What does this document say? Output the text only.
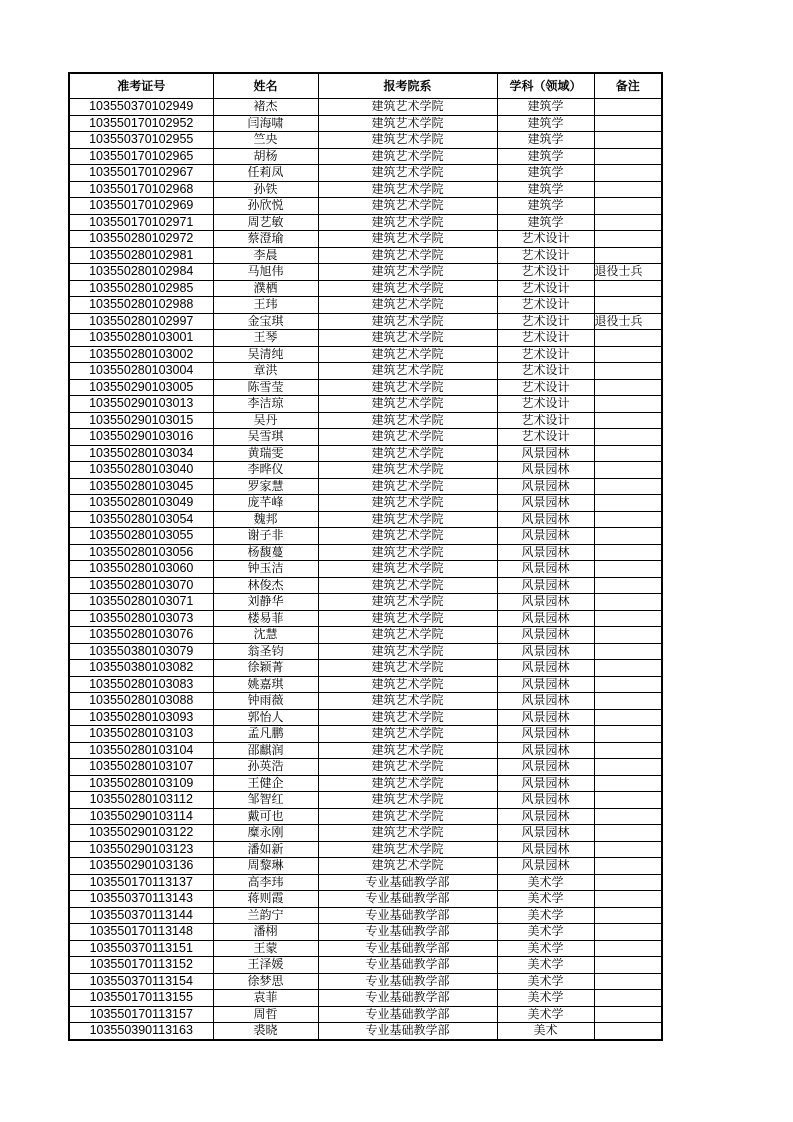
准考证号	姓名	报考院系	学科（领域）	备注
103550370102949	褚杰	建筑艺术学院	建筑学	
103550170102952	闫海啸	建筑艺术学院	建筑学	
103550370102955	竺央	建筑艺术学院	建筑学	
103550170102965	胡杨	建筑艺术学院	建筑学	
103550170102967	任莉凤	建筑艺术学院	建筑学	
103550170102968	孙铁	建筑艺术学院	建筑学	
103550170102969	孙欣悦	建筑艺术学院	建筑学	
103550170102971	周艺敏	建筑艺术学院	建筑学	
103550280102972	蔡澄瑜	建筑艺术学院	艺术设计	
103550280102981	李晨	建筑艺术学院	艺术设计	
103550280102984	马旭伟	建筑艺术学院	艺术设计	退役士兵
103550280102985	濮栖	建筑艺术学院	艺术设计	
103550280102988	王玮	建筑艺术学院	艺术设计	
103550280102997	金宝琪	建筑艺术学院	艺术设计	退役士兵
103550280103001	王琴	建筑艺术学院	艺术设计	
103550280103002	吴清纯	建筑艺术学院	艺术设计	
103550280103004	章洪	建筑艺术学院	艺术设计	
103550290103005	陈雪莹	建筑艺术学院	艺术设计	
103550290103013	李洁琼	建筑艺术学院	艺术设计	
103550290103015	吴丹	建筑艺术学院	艺术设计	
103550290103016	吴雪琪	建筑艺术学院	艺术设计	
103550280103034	黄瑞雯	建筑艺术学院	风景园林	
103550280103040	李晔仪	建筑艺术学院	风景园林	
103550280103045	罗家慧	建筑艺术学院	风景园林	
103550280103049	庞芊峰	建筑艺术学院	风景园林	
103550280103054	魏邦	建筑艺术学院	风景园林	
103550280103055	谢子非	建筑艺术学院	风景园林	
103550280103056	杨馥蔓	建筑艺术学院	风景园林	
103550280103060	钟玉洁	建筑艺术学院	风景园林	
103550280103070	林俊杰	建筑艺术学院	风景园林	
103550280103071	刘静华	建筑艺术学院	风景园林	
103550280103073	楼易菲	建筑艺术学院	风景园林	
103550280103076	沈慧	建筑艺术学院	风景园林	
103550380103079	翁圣钧	建筑艺术学院	风景园林	
103550380103082	徐颖菁	建筑艺术学院	风景园林	
103550280103083	姚嘉琪	建筑艺术学院	风景园林	
103550280103088	钟雨薇	建筑艺术学院	风景园林	
103550280103093	郭怡人	建筑艺术学院	风景园林	
103550280103103	孟凡鹏	建筑艺术学院	风景园林	
103550280103104	邵麒润	建筑艺术学院	风景园林	
103550280103107	孙英浩	建筑艺术学院	风景园林	
103550280103109	王健企	建筑艺术学院	风景园林	
103550280103112	邹智红	建筑艺术学院	风景园林	
103550290103114	戴可也	建筑艺术学院	风景园林	
103550290103122	糜永刚	建筑艺术学院	风景园林	
103550290103123	潘如新	建筑艺术学院	风景园林	
103550290103136	周黎琳	建筑艺术学院	风景园林	
103550170113137	高李玮	专业基础教学部	美术学	
103550370113143	蒋则霞	专业基础教学部	美术学	
103550370113144	兰韵宁	专业基础教学部	美术学	
103550170113148	潘栩	专业基础教学部	美术学	
103550370113151	王蒙	专业基础教学部	美术学	
103550170113152	王泽媛	专业基础教学部	美术学	
103550370113154	徐梦思	专业基础教学部	美术学	
103550170113155	袁菲	专业基础教学部	美术学	
103550170113157	周哲	专业基础教学部	美术学	
103550390113163	裘晓	专业基础教学部	美术	
